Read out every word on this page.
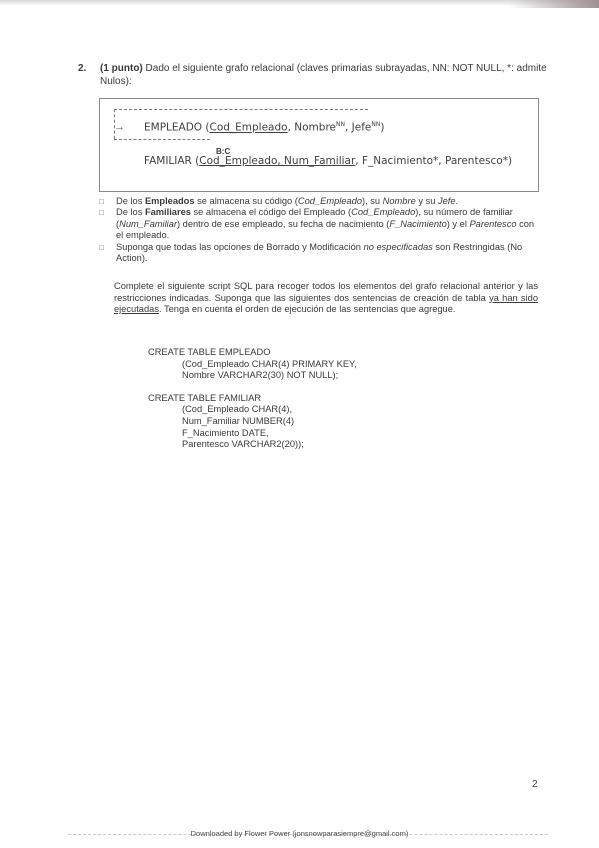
2. (1 punto) Dado el siguiente grafo relacional (claves primarias subrayadas, NN: NOT NULL, *: admite Nulos):
→ EMPLEADO (Cod_Empleado, Nombre$^{NN}$, Jefe$^{NN}$)
B:C
FAMILIAR (Cod_Empleado, Num_Familiar, F_Nacimiento*, Parentesco*)
□ De los Empleados se almacena su código (Cod_Empleado), su Nombre y su Jefe.
□ De los Familiares se almacena el código del Empleado (Cod_Empleado), su número de familiar (Num_Familiar) dentro de ese empleado, su fecha de nacimiento (F_Nacimiento) y el Parentesco con el empleado.
□ Suponga que todas las opciones de Borrado y Modificación no especificadas son Restringidas (No Action).
Complete el siguiente script SQL para recoger todos los elementos del grafo relacional anterior y las restricciones indicadas. Suponga que las siguientes dos sentencias de creación de tabla ya han sido ejecutadas. Tenga en cuenta el orden de ejecución de las sentencias que agregue.
CREATE TABLE EMPLEADO
(Cod_Empleado CHAR(4) PRIMARY KEY,
Nombre VARCHAR2(30) NOT NULL);
CREATE TABLE FAMILIAR
(Cod_Empleado CHAR(4),
Num_Familiar NUMBER(4)
F_Nacimiento DATE,
Parentesco VARCHAR2(20));
2
Downloaded by Flower Power (jonsnowparasiempre@gmail.com)
